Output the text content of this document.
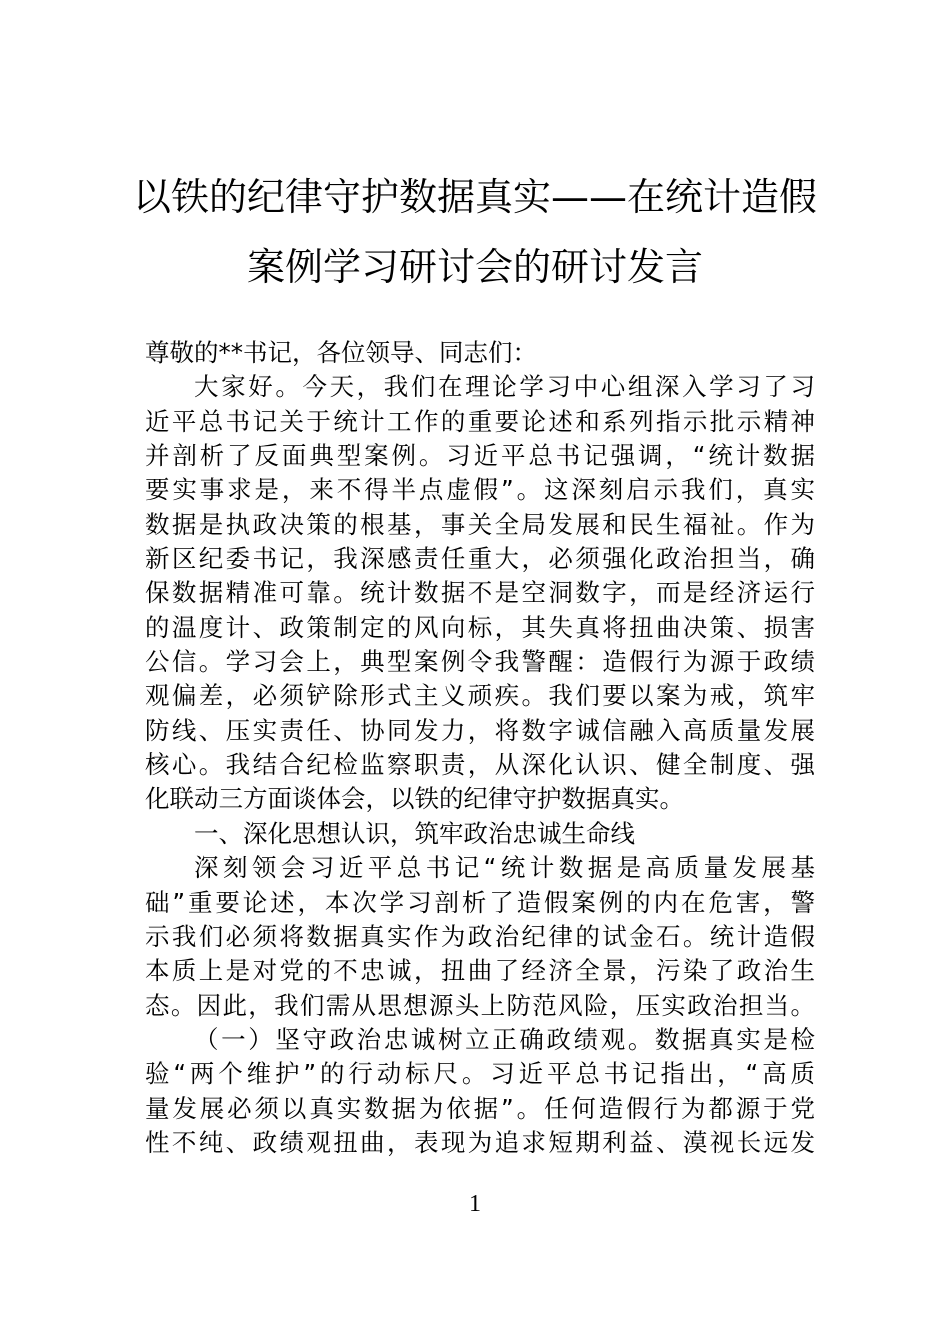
以铁的纪律守护数据真实——在统计造假
案例学习研讨会的研讨发言
尊敬的**书记，各位领导、同志们：
大家好。今天，我们在理论学习中心组深入学习了习
近平总书记关于统计工作的重要论述和系列指示批示精神
并剖析了反面典型案例。习近平总书记强调，“统计数据
要实事求是，来不得半点虚假”。这深刻启示我们，真实
数据是执政决策的根基，事关全局发展和民生福祉。作为
新区纪委书记，我深感责任重大，必须强化政治担当，确
保数据精准可靠。统计数据不是空洞数字，而是经济运行
的温度计、政策制定的风向标，其失真将扭曲决策、损害
公信。学习会上，典型案例令我警醒：造假行为源于政绩
观偏差，必须铲除形式主义顽疾。我们要以案为戒，筑牢
防线、压实责任、协同发力，将数字诚信融入高质量发展
核心。我结合纪检监察职责，从深化认识、健全制度、强
化联动三方面谈体会，以铁的纪律守护数据真实。
一、深化思想认识，筑牢政治忠诚生命线
深刻领会习近平总书记“统计数据是高质量发展基
础”重要论述，本次学习剖析了造假案例的内在危害，警
示我们必须将数据真实作为政治纪律的试金石。统计造假
本质上是对党的不忠诚，扭曲了经济全景，污染了政治生
态。因此，我们需从思想源头上防范风险，压实政治担当。
（一）坚守政治忠诚树立正确政绩观。数据真实是检
验“两个维护”的行动标尺。习近平总书记指出，“高质
量发展必须以真实数据为依据”。任何造假行为都源于党
性不纯、政绩观扭曲，表现为追求短期利益、漠视长远发
1
